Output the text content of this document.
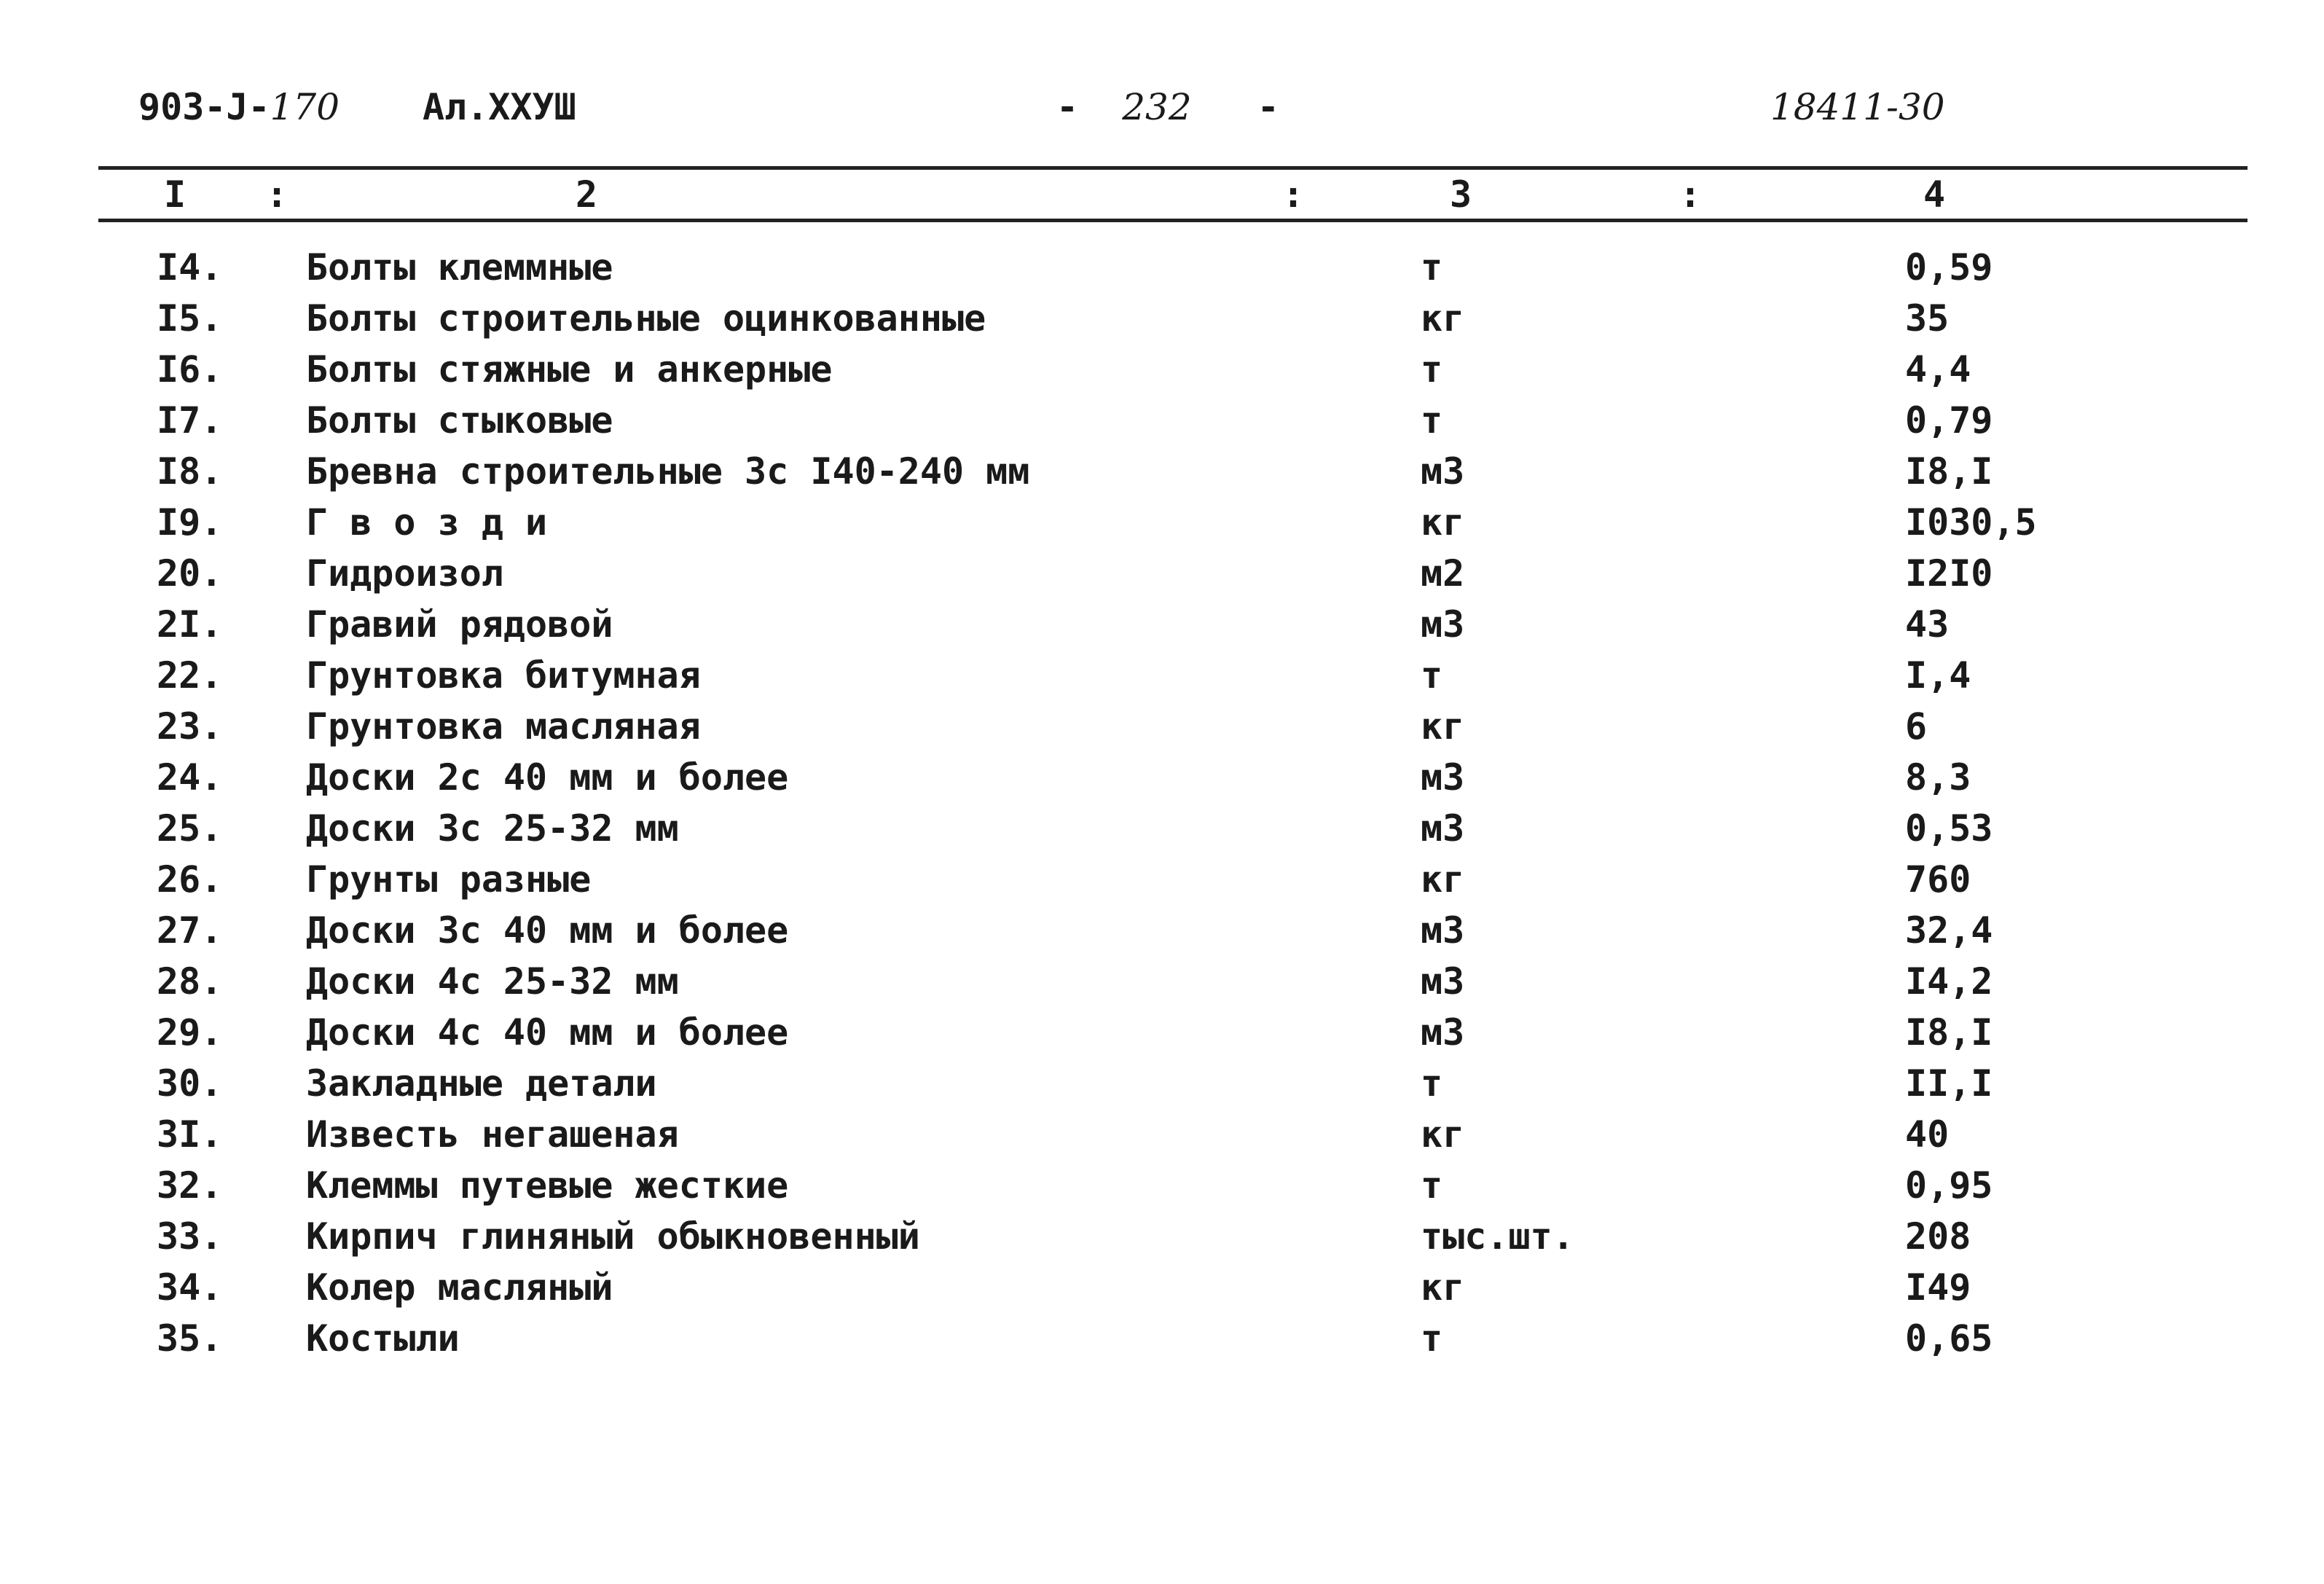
903-J-170 Ал.XXУШ	- 232 -	18411-30
I :	2	:	3	:	4
I4. Болты клеммные	т	0,59
I5. Болты строительные оцинкованные	кг	35
I6. Болты стяжные и анкерные	т	4,4
I7. Болты стыковые	т	0,79
I8. Бревна строительные 3с I40-240 мм	м3	I8,I
I9. Г в о з д и	кг	I030,5
20. Гидроизол	м2	I2I0
2I. Гравий рядовой	м3	43
22. Грунтовка битумная	т	I,4
23. Грунтовка масляная	кг	6
24. Доски 2с 40 мм и более	м3	8,3
25. Доски 3с 25-32 мм	м3	0,53
26. Грунты разные	кг	760
27. Доски 3с 40 мм и более	м3	32,4
28. Доски 4с 25-32 мм	м3	I4,2
29. Доски 4с 40 мм и более	м3	I8,I
30. Закладные детали	т	II,I
3I. Известь негашеная	кг	40
32. Клеммы путевые жесткие	т	0,95
33. Кирпич глиняный обыкновенный	тыс.шт.	208
34. Колер масляный	кг	I49
35. Костыли	т	0,65
